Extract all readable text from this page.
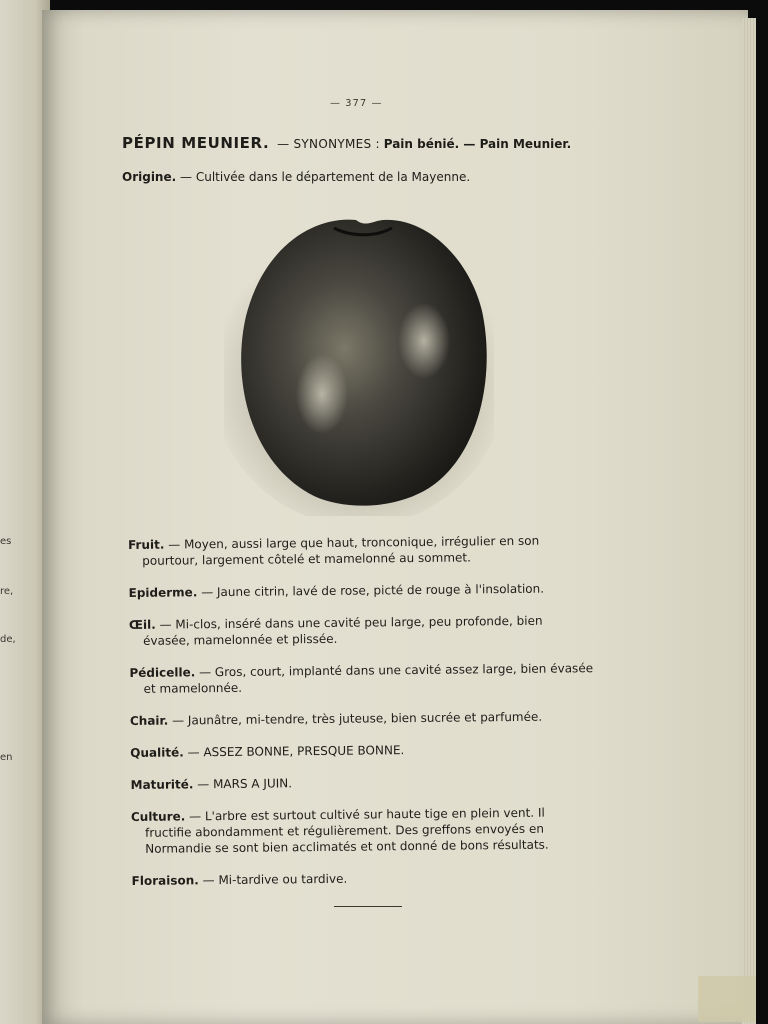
es
re,
de,
en
— 377 —
PÉPIN MEUNIER. — SYNONYMES : Pain bénié. — Pain Meunier.
Origine. — Cultivée dans le département de la Mayenne.

Fruit. — Moyen, aussi large que haut, tronconique, irrégulier en son pourtour, largement côtelé et mamelonné au sommet.

Epiderme. — Jaune citrin, lavé de rose, picté de rouge à l'insolation.

Œil. — Mi-clos, inséré dans une cavité peu large, peu profonde, bien évasée, mamelonnée et plissée.

Pédicelle. — Gros, court, implanté dans une cavité assez large, bien évasée et mamelonnée.

Chair. — Jaunâtre, mi-tendre, très juteuse, bien sucrée et parfumée.

Qualité. — ASSEZ BONNE, PRESQUE BONNE.

Maturité. — MARS A JUIN.

Culture. — L'arbre est surtout cultivé sur haute tige en plein vent. Il fructifie abondamment et régulièrement. Des greffons envoyés en Normandie se sont bien acclimatés et ont donné de bons résultats.

Floraison. — Mi-tardive ou tardive.
